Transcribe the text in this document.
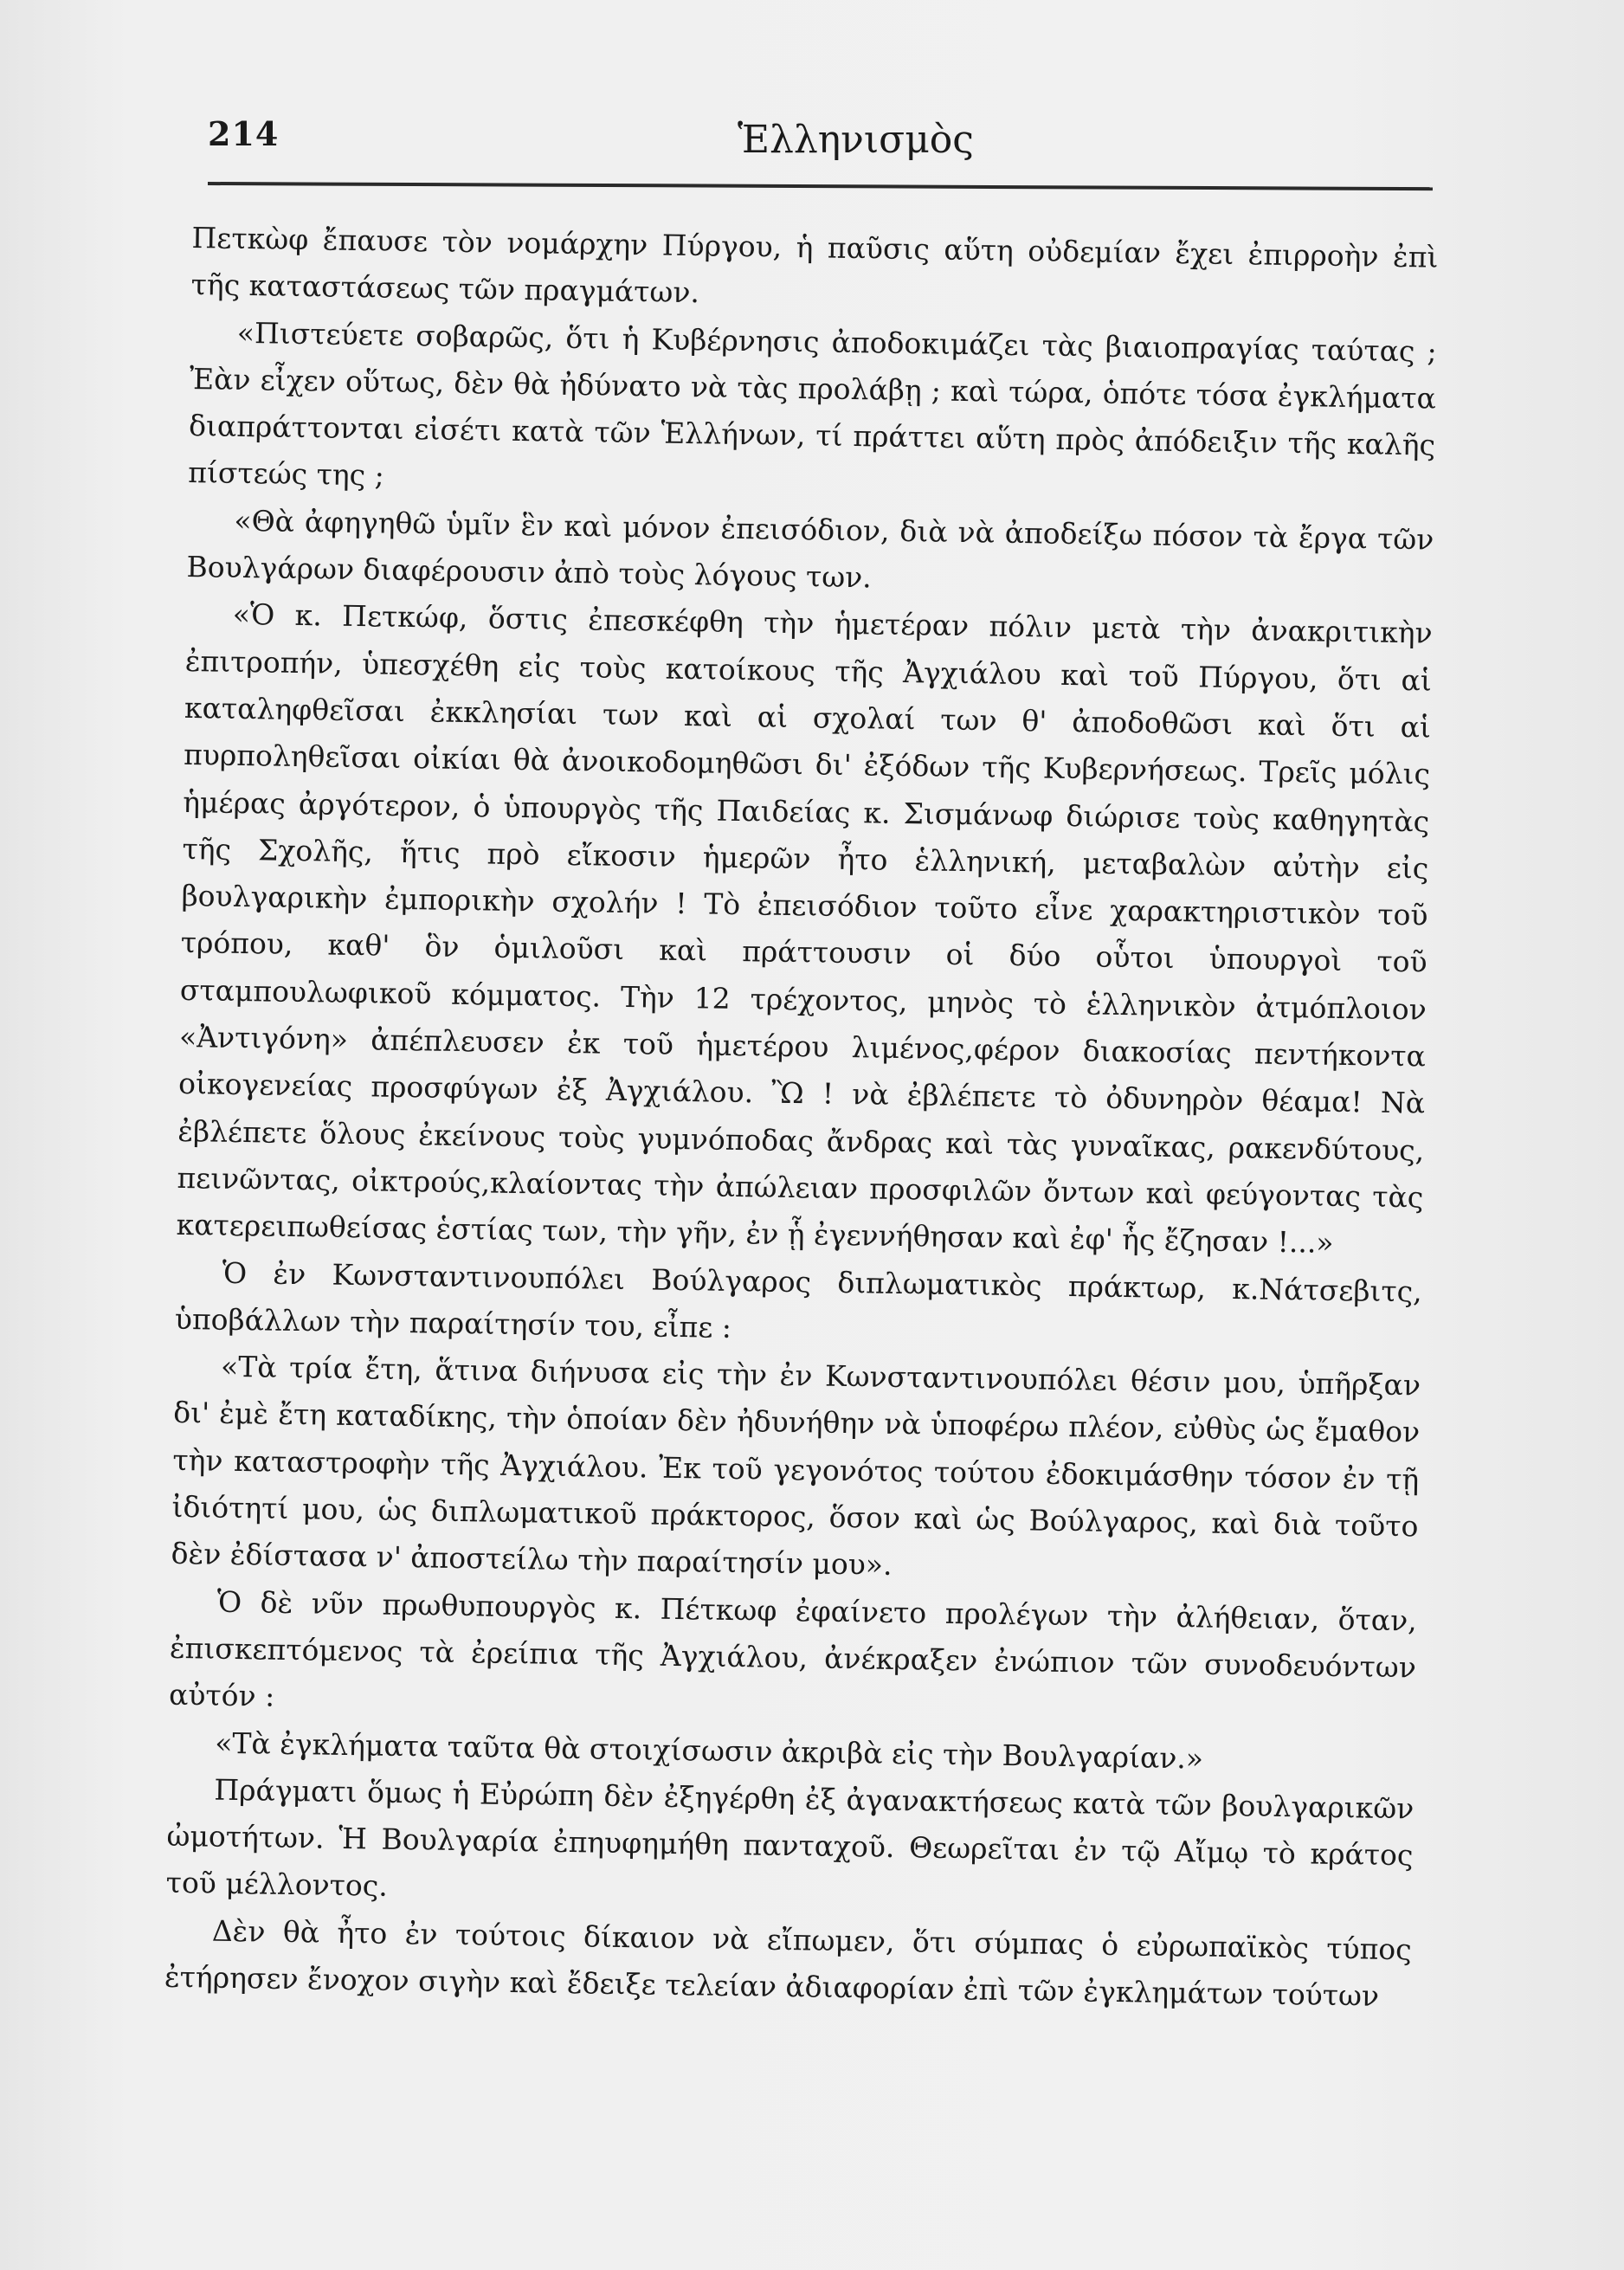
214	Ἑλληνισμὸς

Πετκὼφ ἔπαυσε τὸν νομάρχην Πύργου, ἡ παῦσις αὕτη οὐδεμίαν ἔχει ἐπιρροὴν ἐπὶ τῆς καταστάσεως τῶν πραγμάτων.

«Πιστεύετε σοβαρῶς, ὅτι ἡ Κυβέρνησις ἀποδοκιμάζει τὰς βιαιοπραγίας ταύτας ; Ἐὰν εἶχεν οὕτως, δὲν θὰ ἠδύνατο νὰ τὰς προλάβῃ ; καὶ τώρα, ὁπότε τόσα ἐγκλήματα διαπράττονται εἰσέτι κατὰ τῶν Ἑλλήνων, τί πράττει αὕτη πρὸς ἀπόδειξιν τῆς καλῆς πίστεώς της ;

«Θὰ ἀφηγηθῶ ὑμῖν ἓν καὶ μόνον ἐπεισόδιον, διὰ νὰ ἀποδείξω πόσον τὰ ἔργα τῶν Βουλγάρων διαφέρουσιν ἀπὸ τοὺς λόγους των.

«Ὁ κ. Πετκώφ, ὅστις ἐπεσκέφθη τὴν ἡμετέραν πόλιν μετὰ τὴν ἀνακριτικὴν ἐπιτροπήν, ὑπεσχέθη εἰς τοὺς κατοίκους τῆς Ἀγχιάλου καὶ τοῦ Πύργου, ὅτι αἱ καταληφθεῖσαι ἐκκλησίαι των καὶ αἱ σχολαί των θ' ἀποδοθῶσι καὶ ὅτι αἱ πυρποληθεῖσαι οἰκίαι θὰ ἀνοικοδομηθῶσι δι' ἐξόδων τῆς Κυβερνήσεως. Τρεῖς μόλις ἡμέρας ἀργότερον, ὁ ὑπουργὸς τῆς Παιδείας κ. Σισμάνωφ διώρισε τοὺς καθηγητὰς τῆς Σχολῆς, ἥτις πρὸ εἴκοσιν ἡμερῶν ἦτο ἑλληνική, μεταβαλὼν αὐτὴν εἰς βουλγαρικὴν ἐμπορικὴν σχολήν ! Τὸ ἐπεισόδιον τοῦτο εἶνε χαρακτηριστικὸν τοῦ τρόπου, καθ' ὃν ὁμιλοῦσι καὶ πράττουσιν οἱ δύο οὗτοι ὑπουργοὶ τοῦ σταμπουλωφικοῦ κόμματος. Τὴν 12 τρέχοντος, μηνὸς τὸ ἑλληνικὸν ἀτμόπλοιον «Ἀντιγόνη» ἀπέπλευσεν ἐκ τοῦ ἡμετέρου λιμένος,φέρον διακοσίας πεντήκοντα οἰκογενείας προσφύγων ἐξ Ἀγχιάλου. Ὢ ! νὰ ἐβλέπετε τὸ ὀδυνηρὸν θέαμα! Νὰ ἐβλέπετε ὅλους ἐκείνους τοὺς γυμνόποδας ἄνδρας καὶ τὰς γυναῖκας, ρακενδύτους, πεινῶντας, οἰκτρούς,κλαίοντας τὴν ἀπώλειαν προσφιλῶν ὄντων καὶ φεύγοντας τὰς κατερειπωθείσας ἑστίας των, τὴν γῆν, ἐν ᾗ ἐγεννήθησαν καὶ ἐφ' ἧς ἔζησαν !...»

Ὁ ἐν Κωνσταντινουπόλει Βούλγαρος διπλωματικὸς πράκτωρ, κ.Νάτσεβιτς, ὑποβάλλων τὴν παραίτησίν του, εἶπε :

«Τὰ τρία ἔτη, ἅτινα διήνυσα εἰς τὴν ἐν Κωνσταντινουπόλει θέσιν μου, ὑπῆρξαν δι' ἐμὲ ἔτη καταδίκης, τὴν ὁποίαν δὲν ἠδυνήθην νὰ ὑποφέρω πλέον, εὐθὺς ὡς ἔμαθον τὴν καταστροφὴν τῆς Ἀγχιάλου. Ἐκ τοῦ γεγονότος τούτου ἐδοκιμάσθην τόσον ἐν τῇ ἰδιότητί μου, ὡς διπλωματικοῦ πράκτορος, ὅσον καὶ ὡς Βούλγαρος, καὶ διὰ τοῦτο δὲν ἐδίστασα ν' ἀποστείλω τὴν παραίτησίν μου».

Ὁ δὲ νῦν πρωθυπουργὸς κ. Πέτκωφ ἐφαίνετο προλέγων τὴν ἀλήθειαν, ὅταν, ἐπισκεπτόμενος τὰ ἐρείπια τῆς Ἀγχιάλου, ἀνέκραξεν ἐνώπιον τῶν συνοδευόντων αὐτόν :

«Τὰ ἐγκλήματα ταῦτα θὰ στοιχίσωσιν ἀκριβὰ εἰς τὴν Βουλγαρίαν.»

Πράγματι ὅμως ἡ Εὐρώπη δὲν ἐξηγέρθη ἐξ ἀγανακτήσεως κατὰ τῶν βουλγαρικῶν ὠμοτήτων. Ἡ Βουλγαρία ἐπηυφημήθη πανταχοῦ. Θεωρεῖται ἐν τῷ Αἴμῳ τὸ κράτος τοῦ μέλλοντος.

Δὲν θὰ ἦτο ἐν τούτοις δίκαιον νὰ εἴπωμεν, ὅτι σύμπας ὁ εὐρωπαϊκὸς τύπος ἐτήρησεν ἔνοχον σιγὴν καὶ ἔδειξε τελείαν ἀδιαφορίαν ἐπὶ τῶν ἐγκλημάτων τούτων
